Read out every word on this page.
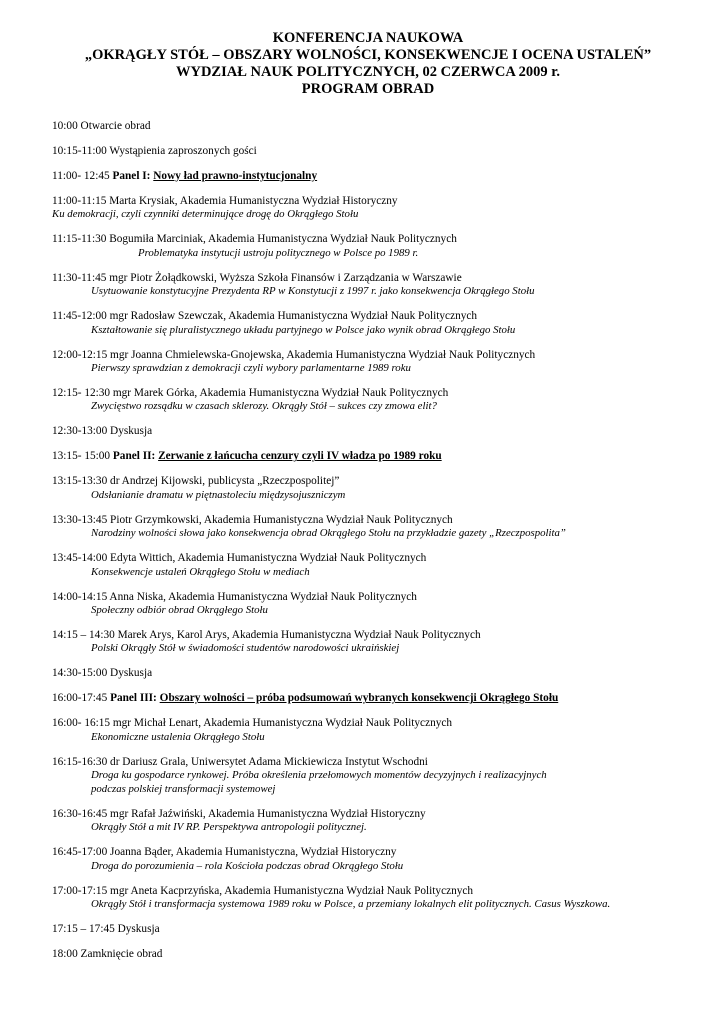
KONFERENCJA NAUKOWA
„OKRĄGŁY STÓŁ – OBSZARY WOLNOŚCI, KONSEKWENCJE I OCENA USTALEŃ”
WYDZIAŁ NAUK POLITYCZNYCH, 02 CZERWCA 2009 r.
PROGRAM OBRAD
10:00 Otwarcie obrad
10:15-11:00 Wystąpienia zaproszonych gości
11:00- 12:45 Panel I: Nowy ład prawno-instytucjonalny
11:00-11:15 Marta Krysiak, Akademia Humanistyczna Wydział Historyczny
Ku demokracji, czyli czynniki determinujące drogę do Okrągłego Stołu
11:15-11:30 Bogumiła Marciniak, Akademia Humanistyczna Wydział Nauk Politycznych
Problematyka instytucji ustroju politycznego w Polsce po 1989 r.
11:30-11:45 mgr Piotr Żołądkowski, Wyższa Szkoła Finansów i Zarządzania w Warszawie
Usytuowanie konstytucyjne Prezydenta RP w Konstytucji z 1997 r. jako konsekwencja Okrągłego Stołu
11:45-12:00 mgr Radosław Szewczak, Akademia Humanistyczna Wydział Nauk Politycznych
Kształtowanie się pluralistycznego układu partyjnego w Polsce jako wynik obrad Okrągłego Stołu
12:00-12:15 mgr Joanna Chmielewska-Gnojewska, Akademia Humanistyczna Wydział Nauk Politycznych
Pierwszy sprawdzian z demokracji czyli wybory parlamentarne 1989 roku
12:15- 12:30 mgr Marek Górka, Akademia Humanistyczna Wydział Nauk Politycznych
Zwycięstwo rozsądku w czasach sklerozy. Okrągły Stół – sukces czy zmowa elit?
12:30-13:00 Dyskusja
13:15- 15:00 Panel II: Zerwanie z łańcucha cenzury czyli IV władza po 1989 roku
13:15-13:30 dr Andrzej Kijowski, publicysta „Rzeczpospolitej”
Odsłanianie dramatu w piętnastoleciu międzysojuszniczym
13:30-13:45 Piotr Grzymkowski, Akademia Humanistyczna Wydział Nauk Politycznych
Narodziny wolności słowa jako konsekwencja obrad Okrągłego Stołu na przykładzie gazety „Rzeczpospolita”
13:45-14:00 Edyta Wittich, Akademia Humanistyczna Wydział Nauk Politycznych
Konsekwencje ustaleń Okrągłego Stołu w mediach
14:00-14:15 Anna Niska, Akademia Humanistyczna Wydział Nauk Politycznych
Społeczny odbiór obrad Okrągłego Stołu
14:15 – 14:30 Marek Arys, Karol Arys, Akademia Humanistyczna Wydział Nauk Politycznych
Polski Okrągły Stół w świadomości studentów narodowości ukraińskiej
14:30-15:00 Dyskusja
16:00-17:45 Panel III: Obszary wolności – próba podsumowań wybranych konsekwencji Okrągłego Stołu
16:00- 16:15 mgr Michał Lenart, Akademia Humanistyczna Wydział Nauk Politycznych
Ekonomiczne ustalenia Okrągłego Stołu
16:15-16:30 dr Dariusz Grala, Uniwersytet Adama Mickiewicza Instytut Wschodni
Droga ku gospodarce rynkowej. Próba określenia przełomowych momentów decyzyjnych i realizacyjnych
podczas polskiej transformacji systemowej
16:30-16:45 mgr Rafał Jaźwiński, Akademia Humanistyczna Wydział Historyczny
Okrągły Stół a mit IV RP. Perspektywa antropologii politycznej.
16:45-17:00 Joanna Bąder, Akademia Humanistyczna, Wydział Historyczny
Droga do porozumienia – rola Kościoła podczas obrad Okrągłego Stołu
17:00-17:15 mgr Aneta Kacprzyńska, Akademia Humanistyczna Wydział Nauk Politycznych
Okrągły Stół i transformacja systemowa 1989 roku w Polsce, a przemiany lokalnych elit politycznych. Casus Wyszkowa.
17:15 – 17:45 Dyskusja
18:00 Zamknięcie obrad
